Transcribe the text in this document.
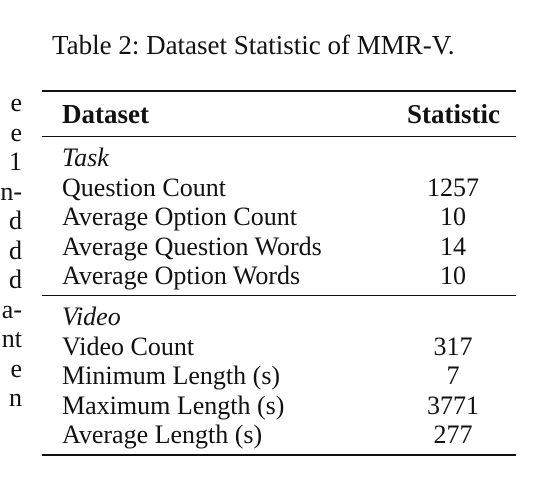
e
e
1
n-
d
d
d
a-
nt
e
n
Table 2: Dataset Statistic of MMR-V.
Dataset	Statistic
Task
Question Count	1257
Average Option Count	10
Average Question Words	14
Average Option Words	10
Video
Video Count	317
Minimum Length (s)	7
Maximum Length (s)	3771
Average Length (s)	277
